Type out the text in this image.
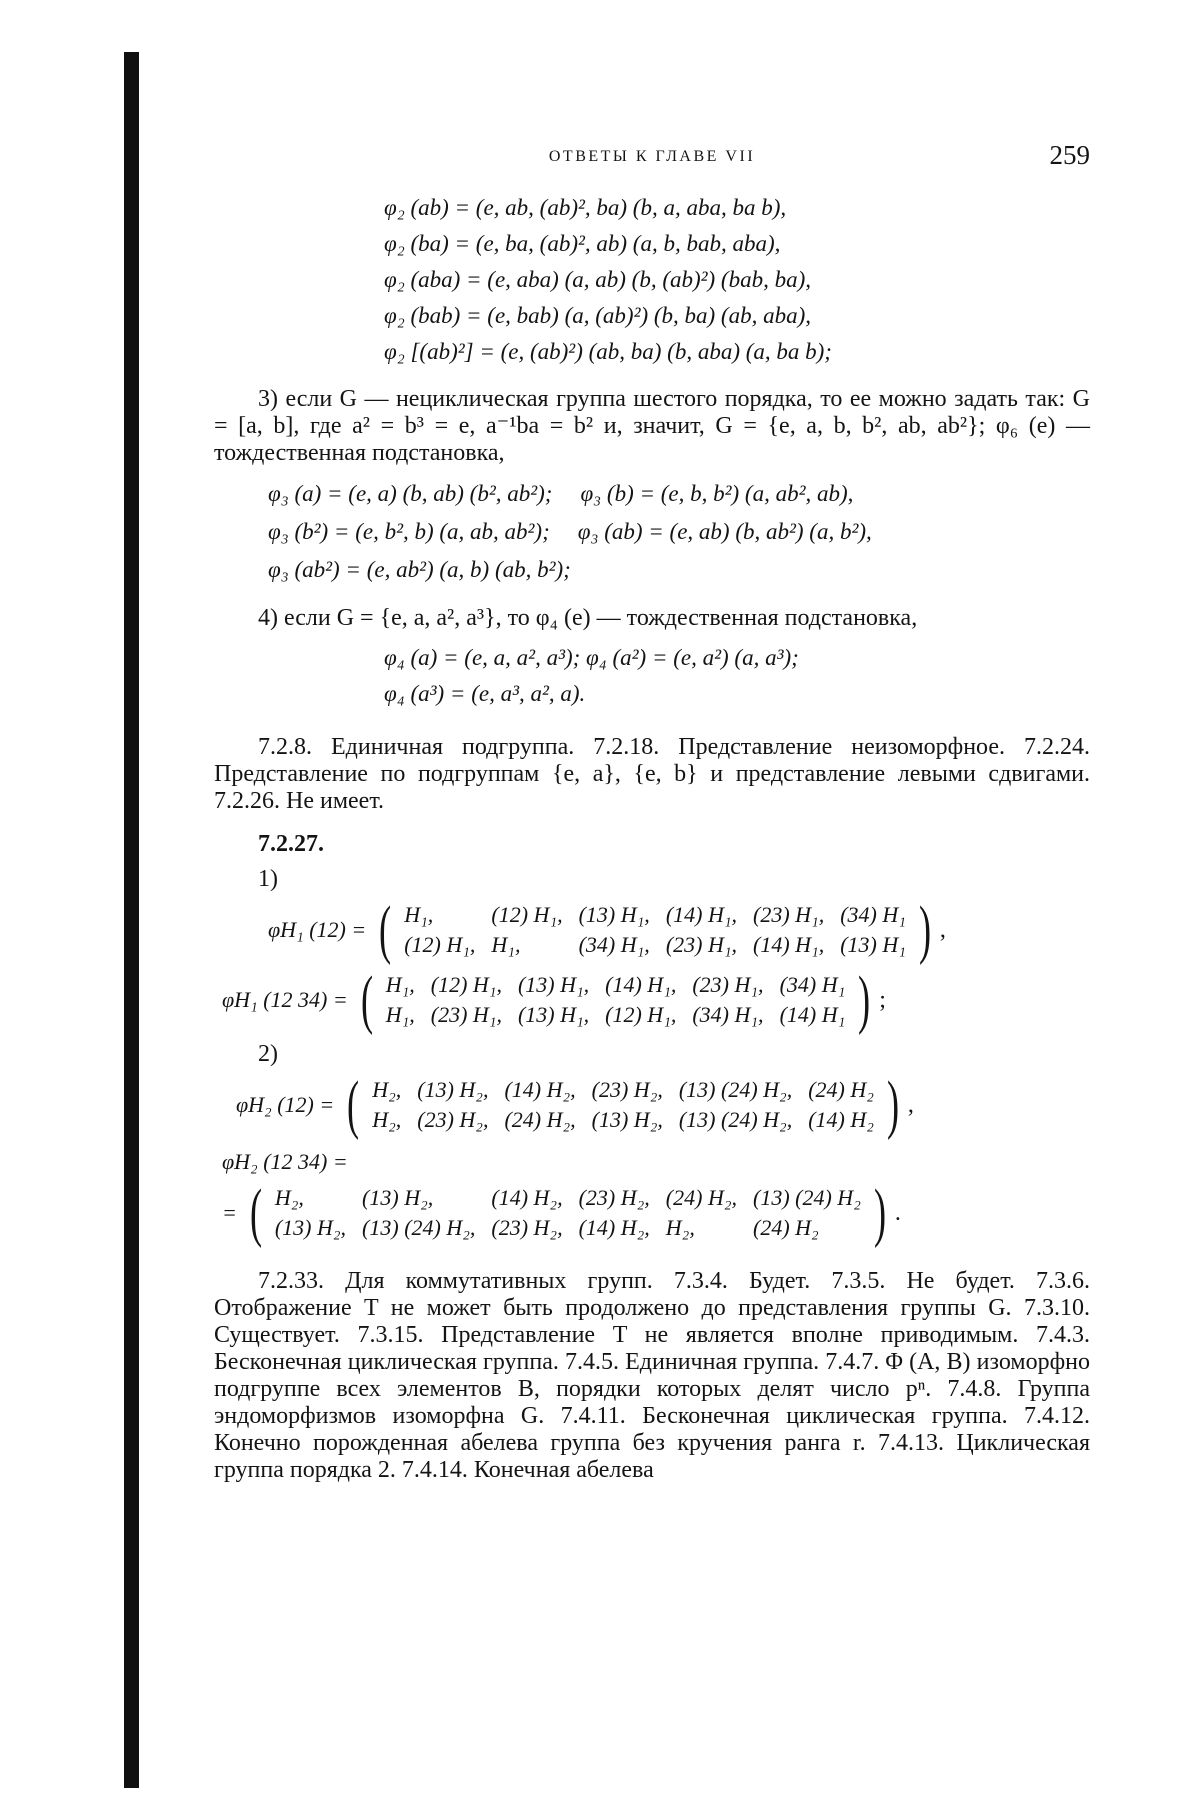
ОТВЕТЫ К ГЛАВЕ VII	259
φ₂ (ab) = (e, ab, (ab)², ba) (b, a, aba, ba b),
φ₂ (ba) = (e, ba, (ab)², ab) (a, b, bab, aba),
φ₂ (aba) = (e, aba) (a, ab) (b, (ab)²) (bab, ba),
φ₂ (bab) = (e, bab) (a, (ab)²) (b, ba) (ab, aba),
φ₂ [(ab)²] = (e, (ab)²) (ab, ba) (b, aba) (a, ba b);

3) если G — нециклическая группа шестого порядка, то ее можно задать так: G = [a, b], где a² = b³ = e, a⁻¹ba = b² и, значит, G = {e, a, b, b², ab, ab²}; φ₆ (e) — тождественная подстановка,

φ₃ (a) = (e, a) (b, ab) (b², ab²); φ₃ (b) = (e, b, b²) (a, ab², ab),
φ₃ (b²) = (e, b², b) (a, ab, ab²); φ₃ (ab) = (e, ab) (b, ab²) (a, b²),
φ₃ (ab²) = (e, ab²) (a, b) (ab, b²);

4) если G = {e, a, a², a³}, то φ₄ (e) — тождественная подстановка,

φ₄ (a) = (e, a, a², a³); φ₄ (a²) = (e, a²) (a, a³);
φ₄ (a³) = (e, a³, a², a).

7.2.8. Единичная подгруппа. 7.2.18. Представление неизоморфное. 7.2.24. Представление по подгруппам {e, a}, {e, b} и представление левыми сдвигами. 7.2.26. Не имеет.

7.2.27.
1)
φH₁ (12) = ( H₁,	(12) H₁,	(13) H₁,	(14) H₁,	(23) H₁,	(34) H₁
(12) H₁,	H₁,	(34) H₁,	(23) H₁,	(14) H₁,	(13) H₁ ) ,
φH₁ (12 34) = ( H₁,	(12) H₁,	(13) H₁,	(14) H₁,	(23) H₁,	(34) H₁
H₁,	(23) H₁,	(13) H₁,	(12) H₁,	(34) H₁,	(14) H₁ ) ;
2)
φH₂ (12) = ( H₂,	(13) H₂,	(14) H₂,	(23) H₂,	(13) (24) H₂,	(24) H₂
H₂,	(23) H₂,	(24) H₂,	(13) H₂,	(13) (24) H₂,	(14) H₂ ) ,
φH₂ (12 34) =
= ( H₂,	(13) H₂,	(14) H₂,	(23) H₂,	(24) H₂,	(13) (24) H₂
(13) H₂,	(13) (24) H₂,	(23) H₂,	(14) H₂,	H₂,	(24) H₂ ) .

7.2.33. Для коммутативных групп. 7.3.4. Будет. 7.3.5. Не будет. 7.3.6. Отображение T не может быть продолжено до представления группы G. 7.3.10. Существует. 7.3.15. Представление T не является вполне приводимым. 7.4.3. Бесконечная циклическая группа. 7.4.5. Единичная группа. 7.4.7. Φ (A, B) изоморфно подгруппе всех элементов B, порядки которых делят число pⁿ. 7.4.8. Группа эндоморфизмов изоморфна G. 7.4.11. Бесконечная циклическая группа. 7.4.12. Конечно порожденная абелева группа без кручения ранга r. 7.4.13. Циклическая группа порядка 2. 7.4.14. Конечная абелева
